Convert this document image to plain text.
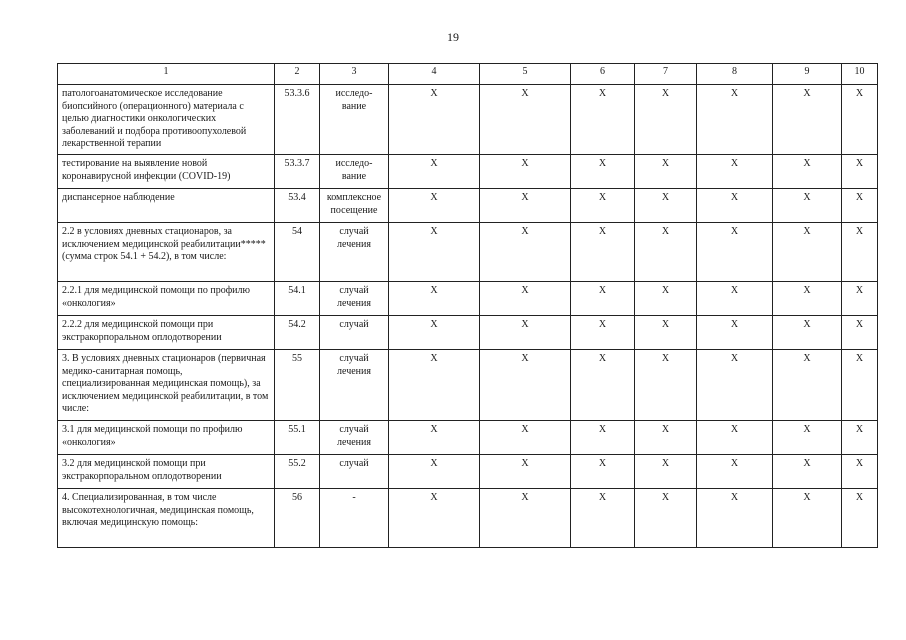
19
1	2	3	4	5	6	7	8	9	10
патологоанатомическое исследование биопсийного (операционного) материала с целью диагностики онкологических заболеваний и подбора противоопухолевой лекарственной терапии	53.3.6	исследо-вание	X	X	X	X	X	X	X
тестирование на выявление новой коронавирусной инфекции (COVID-19)	53.3.7	исследо-вание	X	X	X	X	X	X	X
диспансерное наблюдение	53.4	комплексное посещение	X	X	X	X	X	X	X
2.2 в условиях дневных стационаров, за исключением медицинской реабилитации***** (сумма строк 54.1 + 54.2), в том числе:	54	случай лечения	X	X	X	X	X	X	X
2.2.1 для медицинской помощи по профилю «онкология»	54.1	случай лечения	X	X	X	X	X	X	X
2.2.2 для медицинской помощи при экстракорпоральном оплодотворении	54.2	случай	X	X	X	X	X	X	X
3. В условиях дневных стационаров (первичная медико-санитарная помощь, специализированная медицинская помощь), за исключением медицинской реабилитации, в том числе:	55	случай лечения	X	X	X	X	X	X	X
3.1 для медицинской помощи по профилю «онкология»	55.1	случай лечения	X	X	X	X	X	X	X
3.2 для медицинской помощи при экстракорпоральном оплодотворении	55.2	случай	X	X	X	X	X	X	X
4. Специализированная, в том числе высокотехнологичная, медицинская помощь, включая медицинскую помощь:	56	-	X	X	X	X	X	X	X
